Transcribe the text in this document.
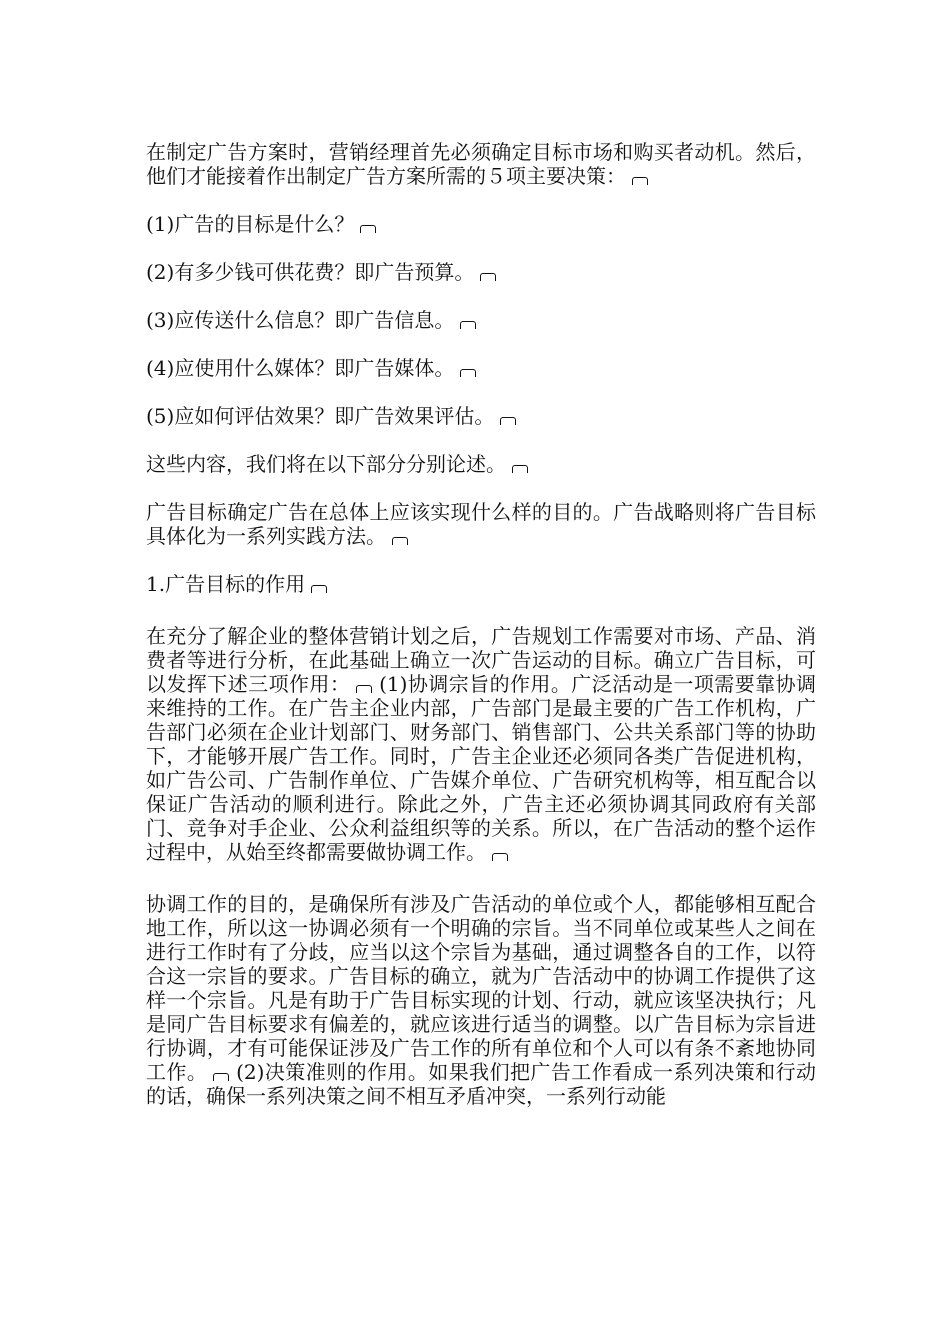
在制定广告方案时，营销经理首先必须确定目标市场和购买者动机。然后，他们才能接着作出制定广告方案所需的５项主要决策：

(1)广告的目标是什么？

(2)有多少钱可供花费？即广告预算。

(3)应传送什么信息？即广告信息。

(4)应使用什么媒体？即广告媒体。

(5)应如何评估效果？即广告效果评估。

这些内容，我们将在以下部分分别论述。

广告目标确定广告在总体上应该实现什么样的目的。广告战略则将广告目标具体化为一系列实践方法。

1.广告目标的作用

在充分了解企业的整体营销计划之后，广告规划工作需要对市场、产品、消费者等进行分析，在此基础上确立一次广告运动的目标。确立广告目标，可以发挥下述三项作用： (1)协调宗旨的作用。广泛活动是一项需要靠协调来维持的工作。在广告主企业内部，广告部门是最主要的广告工作机构，广告部门必须在企业计划部门、财务部门、销售部门、公共关系部门等的协助下，才能够开展广告工作。同时，广告主企业还必须同各类广告促进机构，如广告公司、广告制作单位、广告媒介单位、广告研究机构等，相互配合以保证广告活动的顺利进行。除此之外，广告主还必须协调其同政府有关部门、竞争对手企业、公众利益组织等的关系。所以，在广告活动的整个运作过程中，从始至终都需要做协调工作。

协调工作的目的，是确保所有涉及广告活动的单位或个人，都能够相互配合地工作，所以这一协调必须有一个明确的宗旨。当不同单位或某些人之间在进行工作时有了分歧，应当以这个宗旨为基础，通过调整各自的工作，以符合这一宗旨的要求。广告目标的确立，就为广告活动中的协调工作提供了这样一个宗旨。凡是有助于广告目标实现的计划、行动，就应该坚决执行；凡是同广告目标要求有偏差的，就应该进行适当的调整。以广告目标为宗旨进行协调，才有可能保证涉及广告工作的所有单位和个人可以有条不紊地协同工作。 (2)决策准则的作用。如果我们把广告工作看成一系列决策和行动的话，确保一系列决策之间不相互矛盾冲突，一系列行动能
